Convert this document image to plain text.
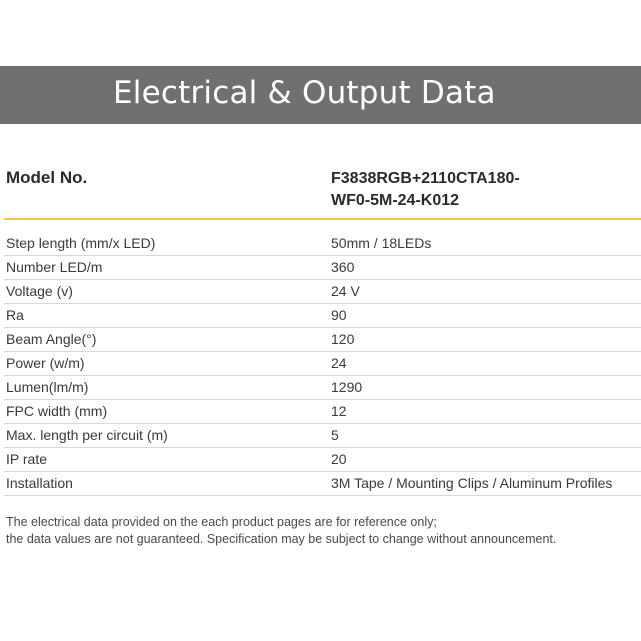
Electrical & Output Data
Model No.	F3838RGB+2110CTA180-
WF0-5M-24-K012
Step length (mm/x LED)	50mm / 18LEDs
Number LED/m	360
Voltage (v)	24 V
Ra	90
Beam Angle(°)	120
Power (w/m)	24
Lumen(lm/m)	1290
FPC width (mm)	12
Max. length per circuit (m)	5
IP rate	20
Installation	3M Tape / Mounting Clips / Aluminum Profiles
The electrical data provided on the each product pages are for reference only;
the data values are not guaranteed. Specification may be subject to change without announcement.
